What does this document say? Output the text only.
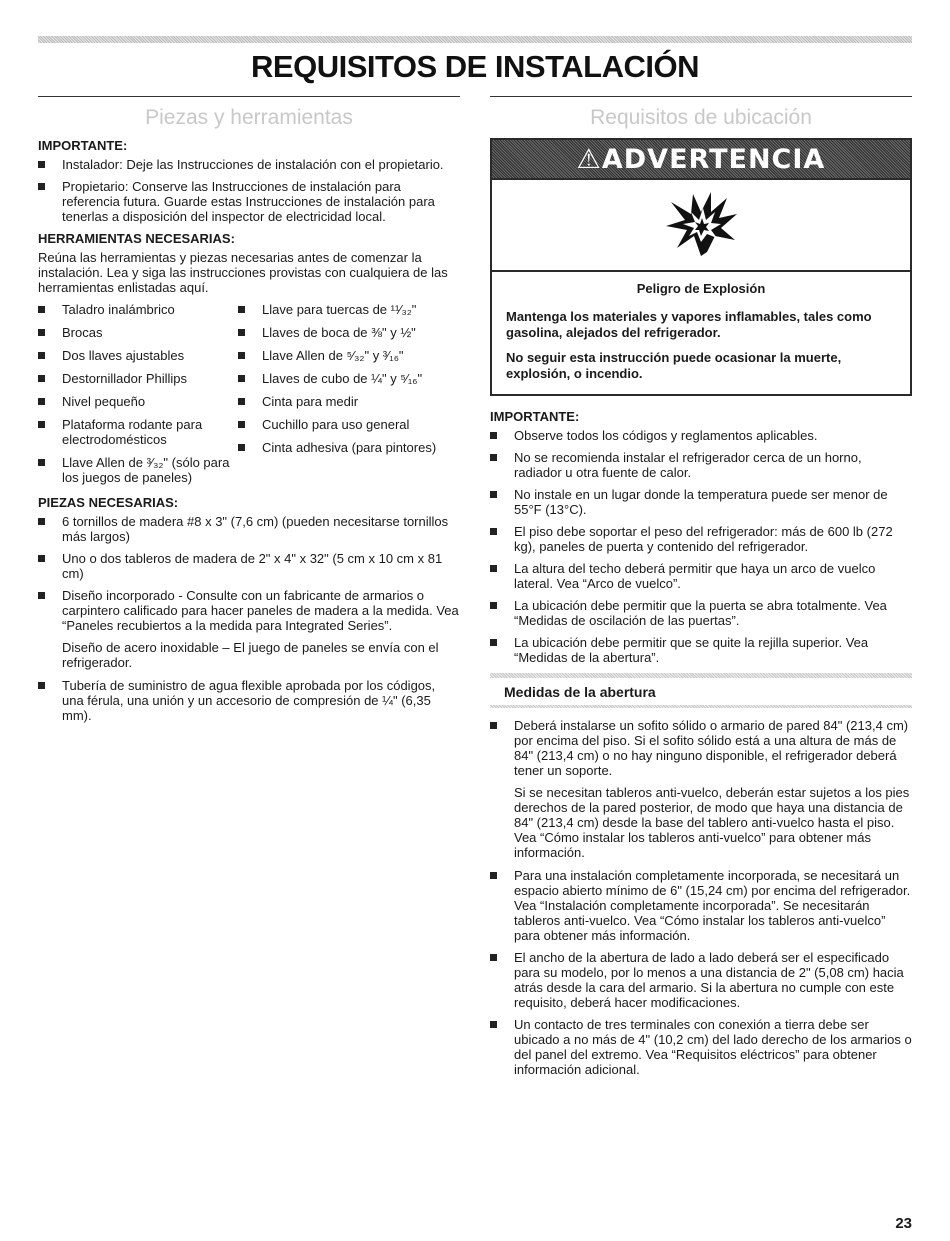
REQUISITOS DE INSTALACIÓN
Piezas y herramientas
IMPORTANTE:
Instalador: Deje las Instrucciones de instalación con el propietario.
Propietario: Conserve las Instrucciones de instalación para referencia futura. Guarde estas Instrucciones de instalación para tenerlas a disposición del inspector de electricidad local.
HERRAMIENTAS NECESARIAS:

Reúna las herramientas y piezas necesarias antes de comenzar la instalación. Lea y siga las instrucciones provistas con cualquiera de las herramientas enlistadas aquí.

Taladro inalámbrico
Brocas
Dos llaves ajustables
Destornillador Phillips
Nivel pequeño
Plataforma rodante para electrodomésticos
Llave Allen de ³⁄₃₂" (sólo para los juegos de paneles)
Llave para tuercas de ¹¹⁄₃₂"
Llaves de boca de ⅜" y ½"
Llave Allen de ⁵⁄₃₂" y ³⁄₁₆"
Llaves de cubo de ¼" y ⁵⁄₁₆"
Cinta para medir
Cuchillo para uso general
Cinta adhesiva (para pintores)
PIEZAS NECESARIAS:
6 tornillos de madera #8 x 3" (7,6 cm) (pueden necesitarse tornillos más largos)
Uno o dos tableros de madera de 2" x 4" x 32" (5 cm x 10 cm x 81 cm)
Diseño incorporado - Consulte con un fabricante de armarios o carpintero calificado para hacer paneles de madera a la medida. Vea “Paneles recubiertos a la medida para Integrated Series”.
Diseño de acero inoxidable – El juego de paneles se envía con el refrigerador.
Tubería de suministro de agua flexible aprobada por los códigos, una férula, una unión y un accesorio de compresión de ¼" (6,35 mm).
Requisitos de ubicación
⚠ADVERTENCIA
Peligro de Explosión

Mantenga los materiales y vapores inflamables, tales como gasolina, alejados del refrigerador.

No seguir esta instrucción puede ocasionar la muerte, explosión, o incendio.

IMPORTANTE:
Observe todos los códigos y reglamentos aplicables.
No se recomienda instalar el refrigerador cerca de un horno, radiador u otra fuente de calor.
No instale en un lugar donde la temperatura puede ser menor de 55°F (13°C).
El piso debe soportar el peso del refrigerador: más de 600 lb (272 kg), paneles de puerta y contenido del refrigerador.
La altura del techo deberá permitir que haya un arco de vuelco lateral. Vea “Arco de vuelco”.
La ubicación debe permitir que la puerta se abra totalmente. Vea “Medidas de oscilación de las puertas”.
La ubicación debe permitir que se quite la rejilla superior. Vea “Medidas de la abertura”.
Medidas de la abertura
Deberá instalarse un sofito sólido o armario de pared 84" (213,4 cm) por encima del piso. Si el sofito sólido está a una altura de más de 84" (213,4 cm) o no hay ninguno disponible, el refrigerador deberá tener un soporte.
Si se necesitan tableros anti-vuelco, deberán estar sujetos a los pies derechos de la pared posterior, de modo que haya una distancia de 84" (213,4 cm) desde la base del tablero anti-vuelco hasta el piso. Vea “Cómo instalar los tableros anti-vuelco” para obtener más información.
Para una instalación completamente incorporada, se necesitará un espacio abierto mínimo de 6" (15,24 cm) por encima del refrigerador. Vea “Instalación completamente incorporada”. Se necesitarán tableros anti-vuelco. Vea “Cómo instalar los tableros anti-vuelco” para obtener más información.
El ancho de la abertura de lado a lado deberá ser el especificado para su modelo, por lo menos a una distancia de 2" (5,08 cm) hacia atrás desde la cara del armario. Si la abertura no cumple con este requisito, deberá hacer modificaciones.
Un contacto de tres terminales con conexión a tierra debe ser ubicado a no más de 4" (10,2 cm) del lado derecho de los armarios o del panel del extremo. Vea “Requisitos eléctricos” para obtener información adicional.
23
